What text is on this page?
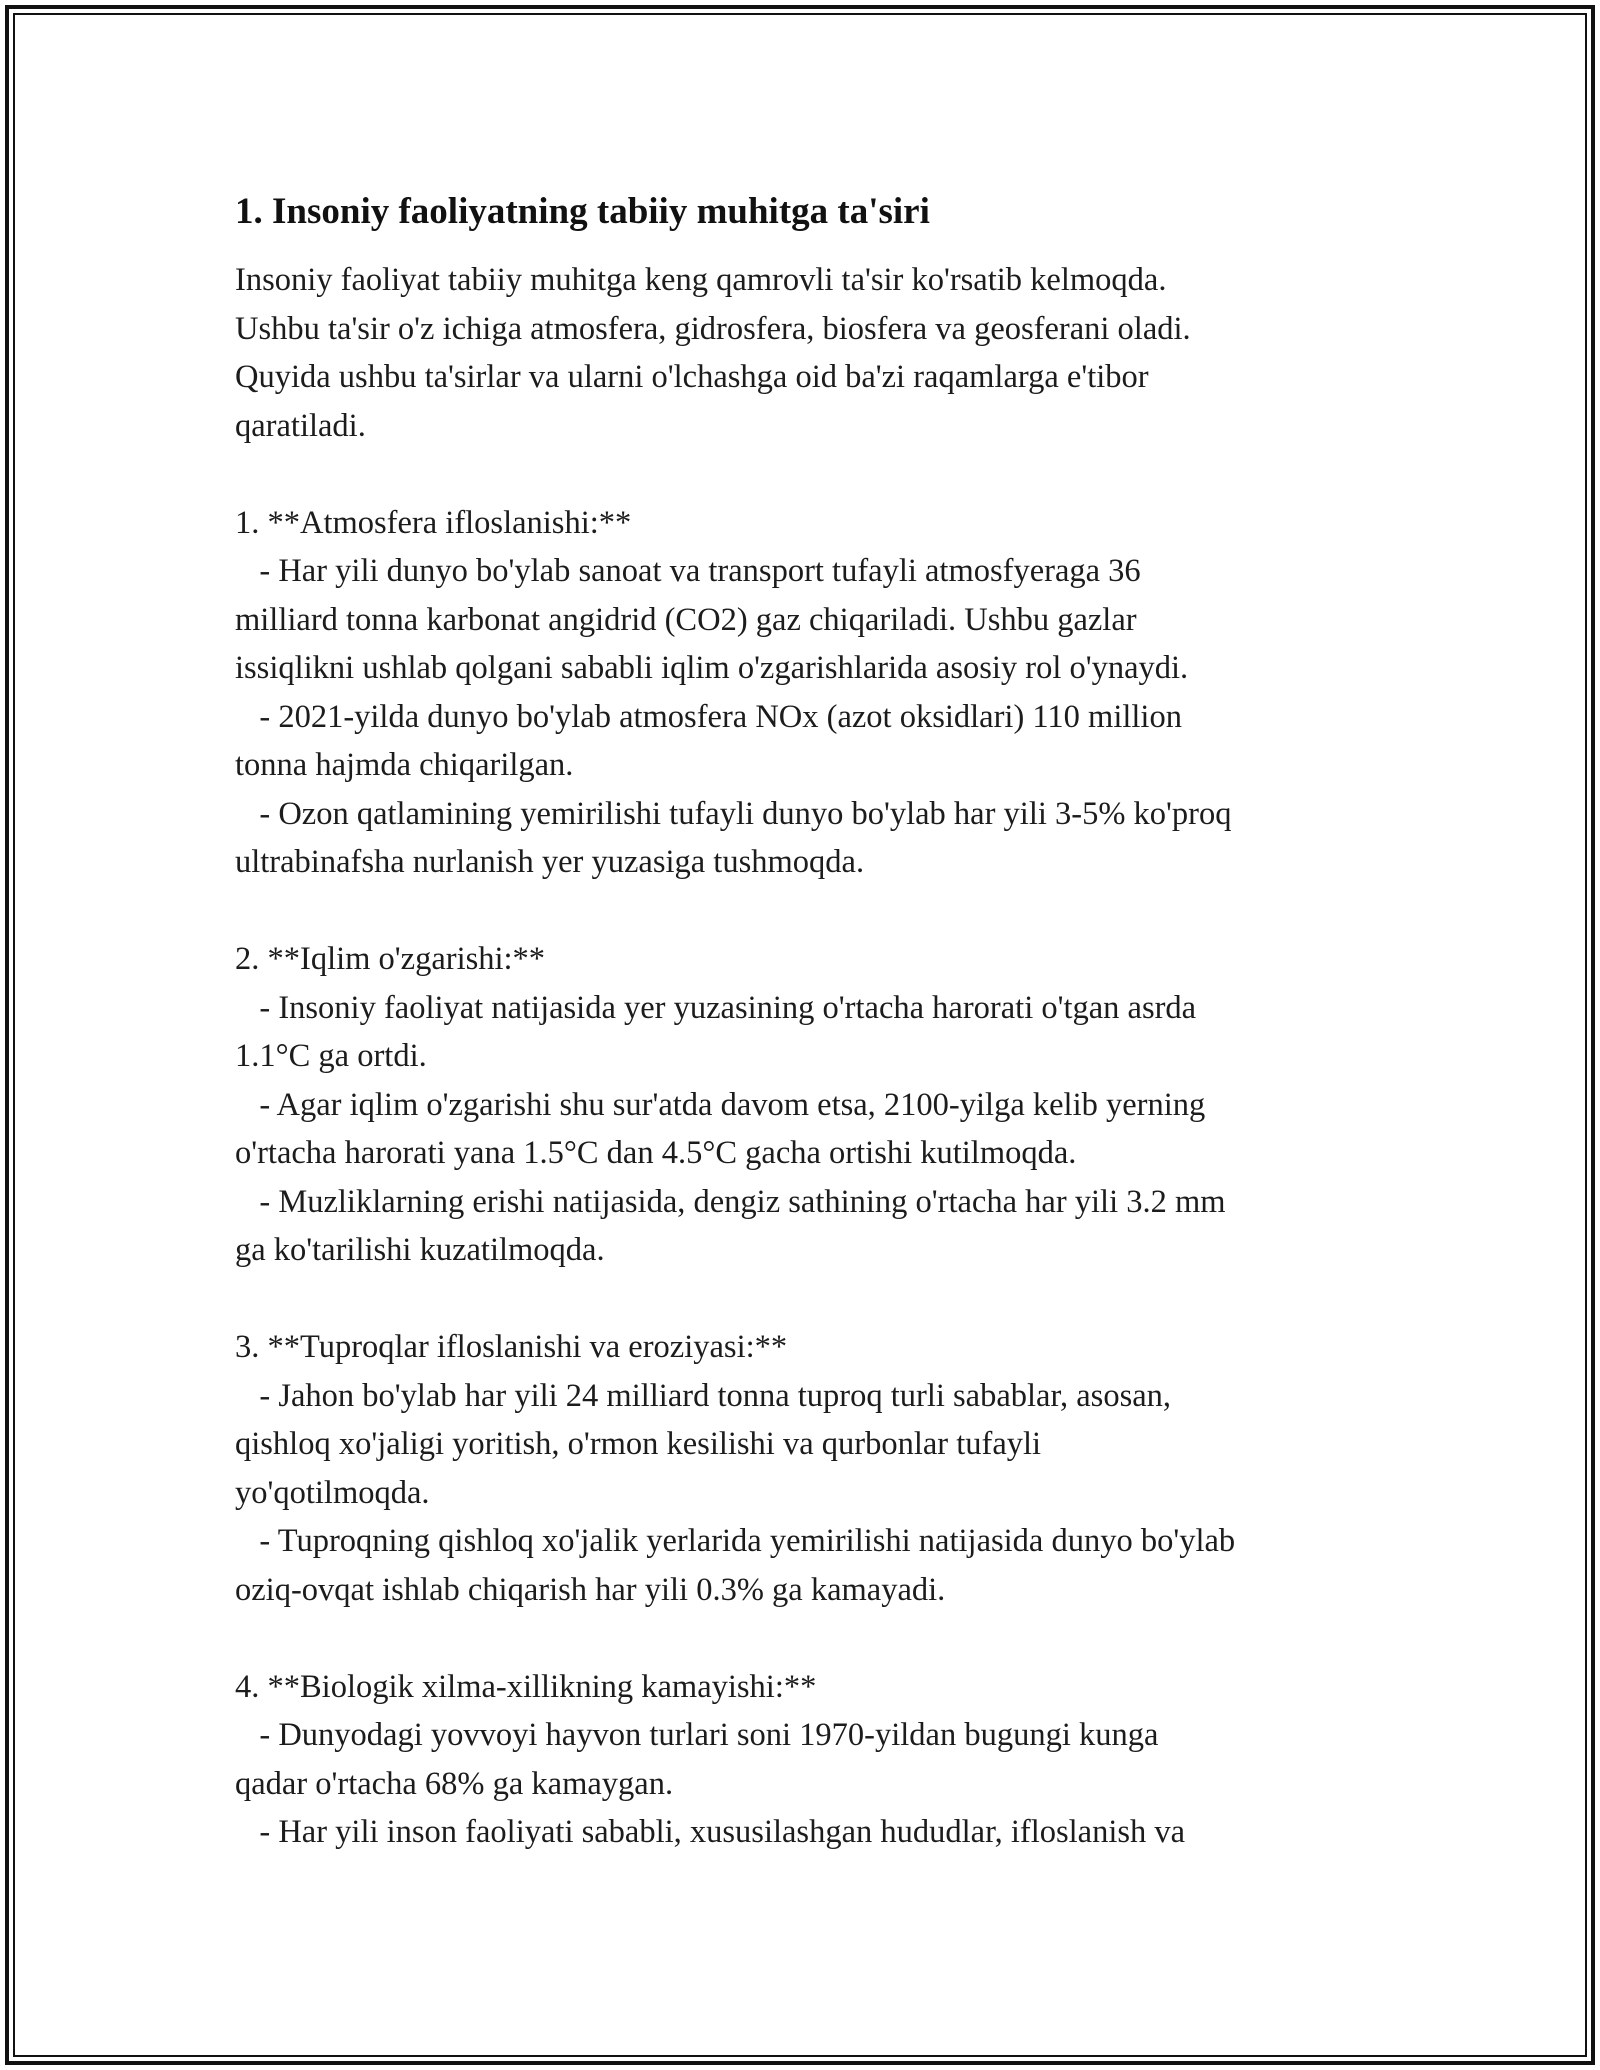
1. Insoniy faoliyatning tabiiy muhitga ta'siri
Insoniy faoliyat tabiiy muhitga keng qamrovli ta'sir ko'rsatib kelmoqda.
Ushbu ta'sir o'z ichiga atmosfera, gidrosfera, biosfera va geosferani oladi.
Quyida ushbu ta'sirlar va ularni o'lchashga oid ba'zi raqamlarga e'tibor
qaratiladi.

1. **Atmosfera ifloslanishi:**
- Har yili dunyo bo'ylab sanoat va transport tufayli atmosfyeraga 36
milliard tonna karbonat angidrid (CO2) gaz chiqariladi. Ushbu gazlar
issiqlikni ushlab qolgani sababli iqlim o'zgarishlarida asosiy rol o'ynaydi.
- 2021-yilda dunyo bo'ylab atmosfera NOx (azot oksidlari) 110 million
tonna hajmda chiqarilgan.
- Ozon qatlamining yemirilishi tufayli dunyo bo'ylab har yili 3-5% ko'proq
ultrabinafsha nurlanish yer yuzasiga tushmoqda.

2. **Iqlim o'zgarishi:**
- Insoniy faoliyat natijasida yer yuzasining o'rtacha harorati o'tgan asrda
1.1°C ga ortdi.
- Agar iqlim o'zgarishi shu sur'atda davom etsa, 2100-yilga kelib yerning
o'rtacha harorati yana 1.5°C dan 4.5°C gacha ortishi kutilmoqda.
- Muzliklarning erishi natijasida, dengiz sathining o'rtacha har yili 3.2 mm
ga ko'tarilishi kuzatilmoqda.

3. **Tuproqlar ifloslanishi va eroziyasi:**
- Jahon bo'ylab har yili 24 milliard tonna tuproq turli sabablar, asosan,
qishloq xo'jaligi yoritish, o'rmon kesilishi va qurbonlar tufayli
yo'qotilmoqda.
- Tuproqning qishloq xo'jalik yerlarida yemirilishi natijasida dunyo bo'ylab
oziq-ovqat ishlab chiqarish har yili 0.3% ga kamayadi.

4. **Biologik xilma-xillikning kamayishi:**
- Dunyodagi yovvoyi hayvon turlari soni 1970-yildan bugungi kunga
qadar o'rtacha 68% ga kamaygan.
- Har yili inson faoliyati sababli, xususilashgan hududlar, ifloslanish va
